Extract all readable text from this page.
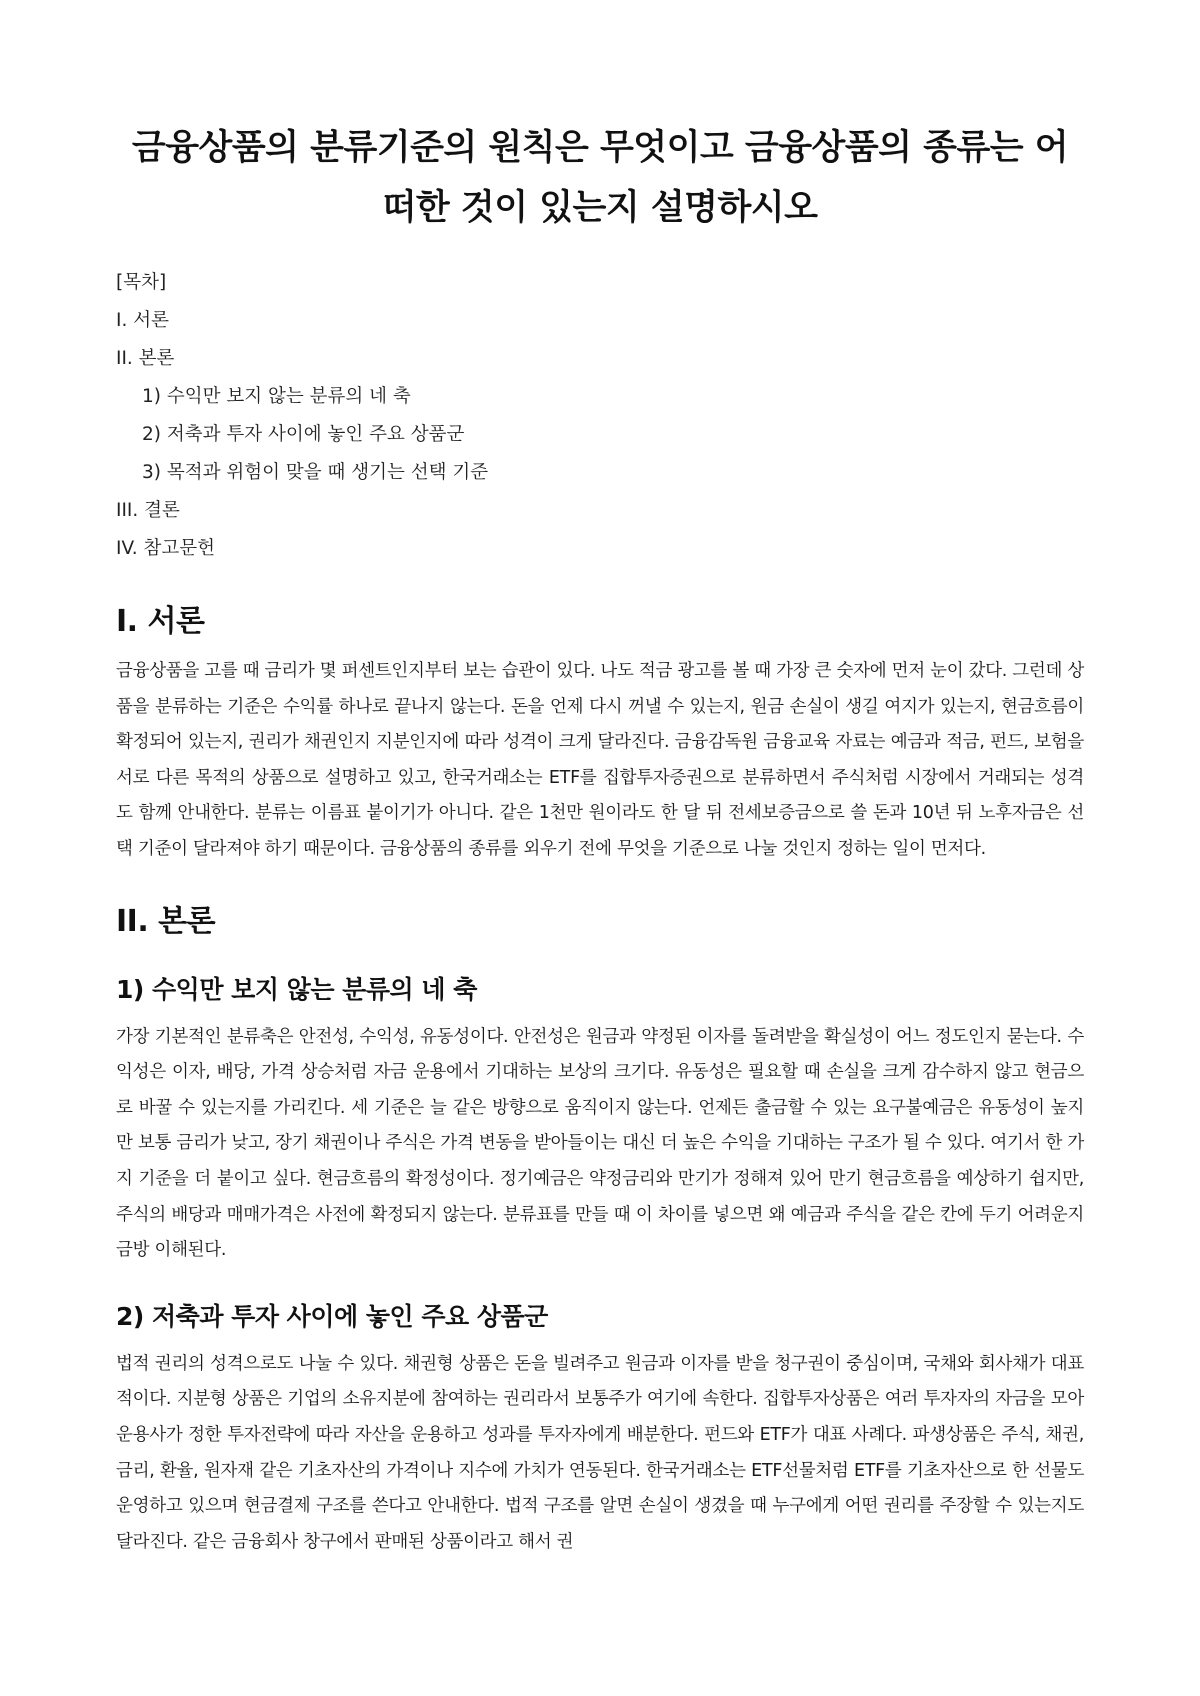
금융상품의 분류기준의 원칙은 무엇이고 금융상품의 종류는 어떠한 것이 있는지 설명하시오
[목차]
I. 서론
II. 본론
1) 수익만 보지 않는 분류의 네 축
2) 저축과 투자 사이에 놓인 주요 상품군
3) 목적과 위험이 맞을 때 생기는 선택 기준
III. 결론
IV. 참고문헌
I. 서론

금융상품을 고를 때 금리가 몇 퍼센트인지부터 보는 습관이 있다. 나도 적금 광고를 볼 때 가장 큰 숫자에 먼저 눈이 갔다. 그런데 상품을 분류하는 기준은 수익률 하나로 끝나지 않는다. 돈을 언제 다시 꺼낼 수 있는지, 원금 손실이 생길 여지가 있는지, 현금흐름이 확정되어 있는지, 권리가 채권인지 지분인지에 따라 성격이 크게 달라진다. 금융감독원 금융교육 자료는 예금과 적금, 펀드, 보험을 서로 다른 목적의 상품으로 설명하고 있고, 한국거래소는 ETF를 집합투자증권으로 분류하면서 주식처럼 시장에서 거래되는 성격도 함께 안내한다. 분류는 이름표 붙이기가 아니다. 같은 1천만 원이라도 한 달 뒤 전세보증금으로 쓸 돈과 10년 뒤 노후자금은 선택 기준이 달라져야 하기 때문이다. 금융상품의 종류를 외우기 전에 무엇을 기준으로 나눌 것인지 정하는 일이 먼저다.

II. 본론
1) 수익만 보지 않는 분류의 네 축

가장 기본적인 분류축은 안전성, 수익성, 유동성이다. 안전성은 원금과 약정된 이자를 돌려받을 확실성이 어느 정도인지 묻는다. 수익성은 이자, 배당, 가격 상승처럼 자금 운용에서 기대하는 보상의 크기다. 유동성은 필요할 때 손실을 크게 감수하지 않고 현금으로 바꿀 수 있는지를 가리킨다. 세 기준은 늘 같은 방향으로 움직이지 않는다. 언제든 출금할 수 있는 요구불예금은 유동성이 높지만 보통 금리가 낮고, 장기 채권이나 주식은 가격 변동을 받아들이는 대신 더 높은 수익을 기대하는 구조가 될 수 있다. 여기서 한 가지 기준을 더 붙이고 싶다. 현금흐름의 확정성이다. 정기예금은 약정금리와 만기가 정해져 있어 만기 현금흐름을 예상하기 쉽지만, 주식의 배당과 매매가격은 사전에 확정되지 않는다. 분류표를 만들 때 이 차이를 넣으면 왜 예금과 주식을 같은 칸에 두기 어려운지 금방 이해된다.

2) 저축과 투자 사이에 놓인 주요 상품군

법적 권리의 성격으로도 나눌 수 있다. 채권형 상품은 돈을 빌려주고 원금과 이자를 받을 청구권이 중심이며, 국채와 회사채가 대표적이다. 지분형 상품은 기업의 소유지분에 참여하는 권리라서 보통주가 여기에 속한다. 집합투자상품은 여러 투자자의 자금을 모아 운용사가 정한 투자전략에 따라 자산을 운용하고 성과를 투자자에게 배분한다. 펀드와 ETF가 대표 사례다. 파생상품은 주식, 채권, 금리, 환율, 원자재 같은 기초자산의 가격이나 지수에 가치가 연동된다. 한국거래소는 ETF선물처럼 ETF를 기초자산으로 한 선물도 운영하고 있으며 현금결제 구조를 쓴다고 안내한다. 법적 구조를 알면 손실이 생겼을 때 누구에게 어떤 권리를 주장할 수 있는지도 달라진다. 같은 금융회사 창구에서 판매된 상품이라고 해서 권
